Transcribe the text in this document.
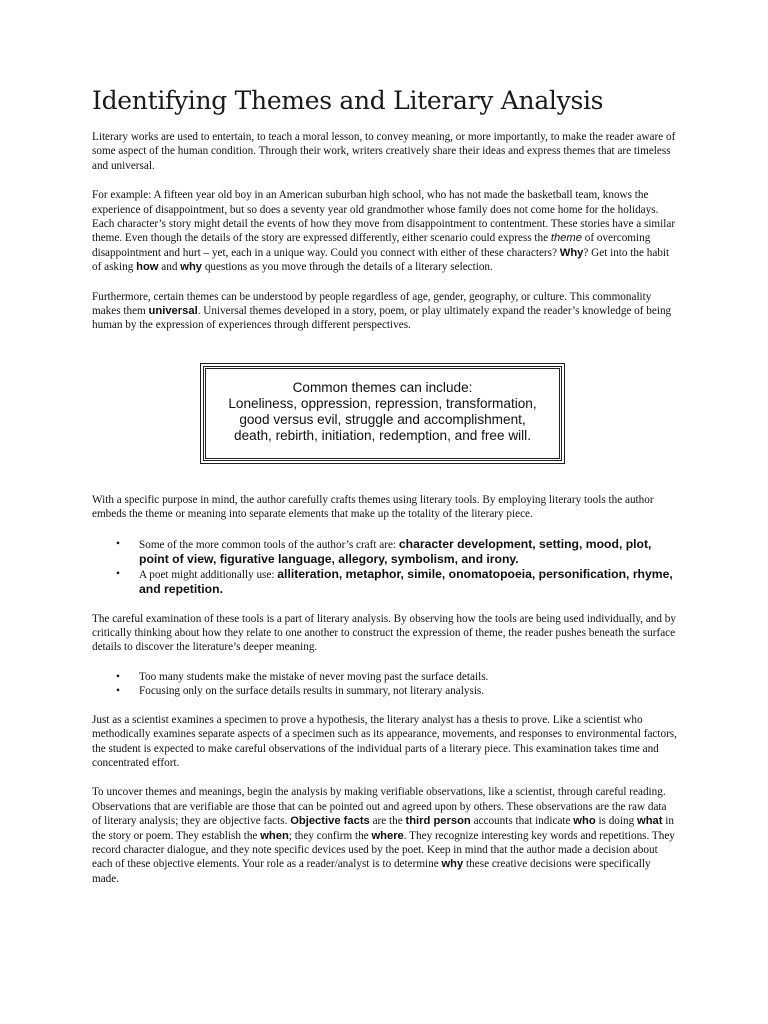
Identifying Themes and Literary Analysis

Literary works are used to entertain, to teach a moral lesson, to convey meaning, or more importantly, to make the reader aware of some aspect of the human condition. Through their work, writers creatively share their ideas and express themes that are timeless and universal.

For example: A fifteen year old boy in an American suburban high school, who has not made the basketball team, knows the experience of disappointment, but so does a seventy year old grandmother whose family does not come home for the holidays. Each character’s story might detail the events of how they move from disappointment to contentment. These stories have a similar theme. Even though the details of the story are expressed differently, either scenario could express the theme of overcoming disappointment and hurt – yet, each in a unique way. Could you connect with either of these characters? Why? Get into the habit of asking how and why questions as you move through the details of a literary selection.

Furthermore, certain themes can be understood by people regardless of age, gender, geography, or culture. This commonality makes them universal. Universal themes developed in a story, poem, or play ultimately expand the reader’s knowledge of being human by the expression of experiences through different perspectives.

Common themes can include:
Loneliness, oppression, repression, transformation,
good versus evil, struggle and accomplishment,
death, rebirth, initiation, redemption, and free will.

With a specific purpose in mind, the author carefully crafts themes using literary tools. By employing literary tools the author embeds the theme or meaning into separate elements that make up the totality of the literary piece.

• Some of the more common tools of the author’s craft are: character development, setting, mood, plot, point of view, figurative language, allegory, symbolism, and irony.
• A poet might additionally use: alliteration, metaphor, simile, onomatopoeia, personification, rhyme, and repetition.

The careful examination of these tools is a part of literary analysis. By observing how the tools are being used individually, and by critically thinking about how they relate to one another to construct the expression of theme, the reader pushes beneath the surface details to discover the literature’s deeper meaning.

• Too many students make the mistake of never moving past the surface details.
• Focusing only on the surface details results in summary, not literary analysis.

Just as a scientist examines a specimen to prove a hypothesis, the literary analyst has a thesis to prove. Like a scientist who methodically examines separate aspects of a specimen such as its appearance, movements, and responses to environmental factors, the student is expected to make careful observations of the individual parts of a literary piece. This examination takes time and concentrated effort.

To uncover themes and meanings, begin the analysis by making verifiable observations, like a scientist, through careful reading. Observations that are verifiable are those that can be pointed out and agreed upon by others. These observations are the raw data of literary analysis; they are objective facts. Objective facts are the third person accounts that indicate who is doing what in the story or poem. They establish the when; they confirm the where. They recognize interesting key words and repetitions. They record character dialogue, and they note specific devices used by the poet. Keep in mind that the author made a decision about each of these objective elements. Your role as a reader/analyst is to determine why these creative decisions were specifically made.
